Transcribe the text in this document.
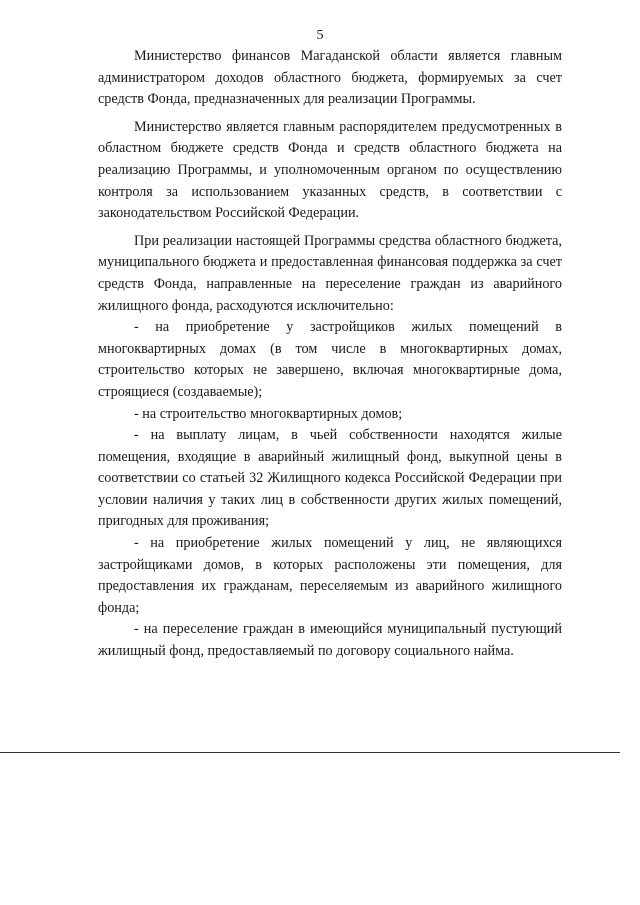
5

Министерство финансов Магаданской области является главным администратором доходов областного бюджета, формируемых за счет средств Фонда, предназначенных для реализации Программы.

Министерство является главным распорядителем предусмотренных в областном бюджете средств Фонда и средств областного бюджета на реализацию Программы, и уполномоченным органом по осуществлению контроля за использованием указанных средств, в соответствии с законодательством Российской Федерации.

При реализации настоящей Программы средства областного бюджета, муниципального бюджета и предоставленная финансовая поддержка за счет средств Фонда, направленные на переселение граждан из аварийного жилищного фонда, расходуются исключительно:

- на приобретение у застройщиков жилых помещений в многоквартирных домах (в том числе в многоквартирных домах, строительство которых не завершено, включая многоквартирные дома, строящиеся (создаваемые);

- на строительство многоквартирных домов;

- на выплату лицам, в чьей собственности находятся жилые помещения, входящие в аварийный жилищный фонд, выкупной цены в соответствии со статьей 32 Жилищного кодекса Российской Федерации при условии наличия у таких лиц в собственности других жилых помещений, пригодных для проживания;

- на приобретение жилых помещений у лиц, не являющихся застройщиками домов, в которых расположены эти помещения, для предоставления их гражданам, переселяемым из аварийного жилищного фонда;

- на переселение граждан в имеющийся муниципальный пустующий жилищный фонд, предоставляемый по договору социального найма.
